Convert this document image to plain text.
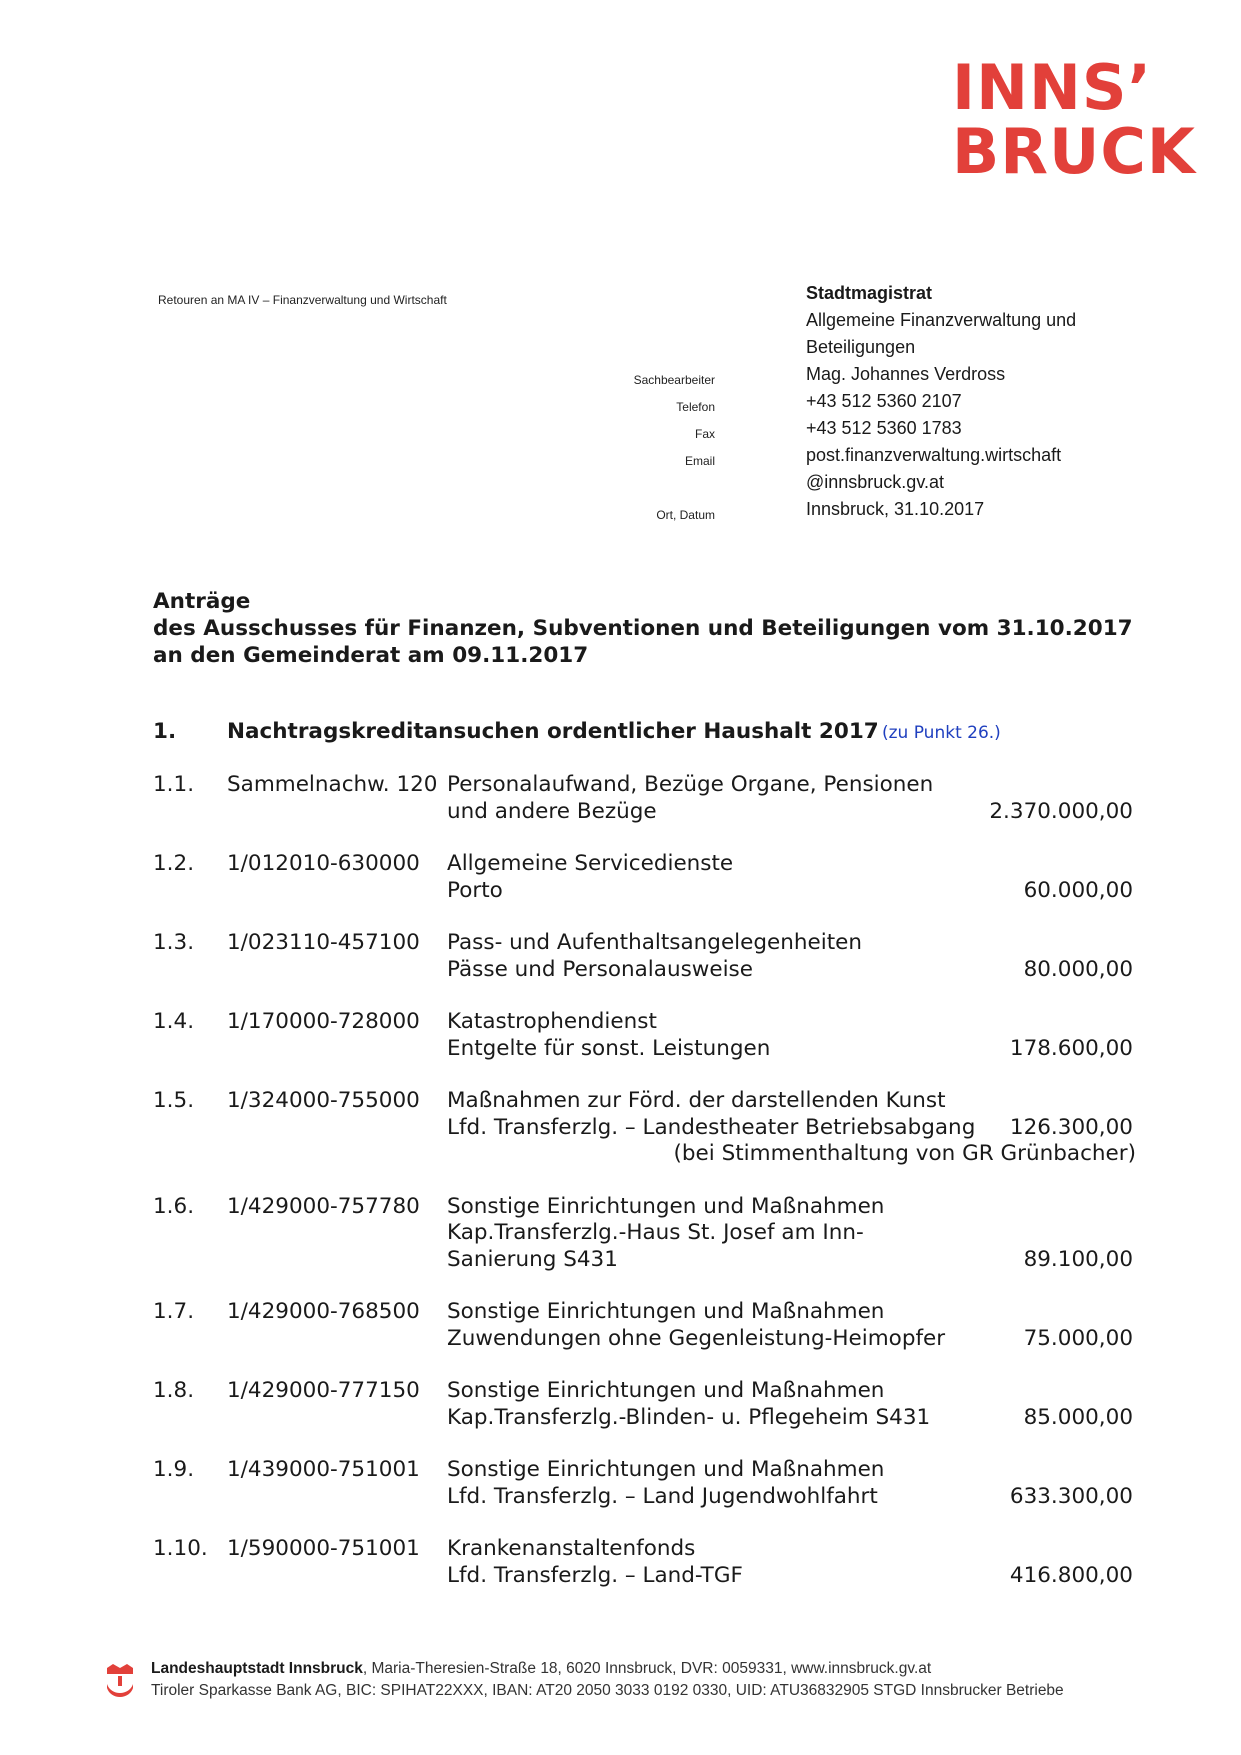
INNS’
BRUCK
Retouren an MA IV – Finanzverwaltung und Wirtschaft	Stadtmagistrat
Allgemeine Finanzverwaltung und
Beteiligungen
Sachbearbeiter	Mag. Johannes Verdross
Telefon	+43 512 5360 2107
Fax	+43 512 5360 1783
Email	post.finanzverwaltung.wirtschaft
@innsbruck.gv.at
Ort, Datum	Innsbruck, 31.10.2017
Anträge
des Ausschusses für Finanzen, Subventionen und Beteiligungen vom 31.10.2017
an den Gemeinderat am 09.11.2017
1. Nachtragskreditansuchen ordentlicher Haushalt 2017 (zu Punkt 26.)
1.1. Sammelnachw. 120 Personalaufwand, Bezüge Organe, Pensionen
und andere Bezüge	2.370.000,00
1.2. 1/012010-630000 Allgemeine Servicedienste
Porto	60.000,00
1.3. 1/023110-457100 Pass- und Aufenthaltsangelegenheiten
Pässe und Personalausweise	80.000,00
1.4. 1/170000-728000 Katastrophendienst
Entgelte für sonst. Leistungen	178.600,00
1.5. 1/324000-755000 Maßnahmen zur Förd. der darstellenden Kunst
Lfd. Transferzlg. – Landestheater Betriebsabgang	126.300,00
(bei Stimmenthaltung von GR Grünbacher)
1.6. 1/429000-757780 Sonstige Einrichtungen und Maßnahmen
Kap.Transferzlg.-Haus St. Josef am Inn-
Sanierung S431	89.100,00
1.7. 1/429000-768500 Sonstige Einrichtungen und Maßnahmen
Zuwendungen ohne Gegenleistung-Heimopfer	75.000,00
1.8. 1/429000-777150 Sonstige Einrichtungen und Maßnahmen
Kap.Transferzlg.-Blinden- u. Pflegeheim S431	85.000,00
1.9. 1/439000-751001 Sonstige Einrichtungen und Maßnahmen
Lfd. Transferzlg. – Land Jugendwohlfahrt	633.300,00
1.10. 1/590000-751001 Krankenanstaltenfonds
Lfd. Transferzlg. – Land-TGF	416.800,00
Landeshauptstadt Innsbruck, Maria-Theresien-Straße 18, 6020 Innsbruck, DVR: 0059331, www.innsbruck.gv.at
Tiroler Sparkasse Bank AG, BIC: SPIHAT22XXX, IBAN: AT20 2050 3033 0192 0330, UID: ATU36832905 STGD Innsbrucker Betriebe
